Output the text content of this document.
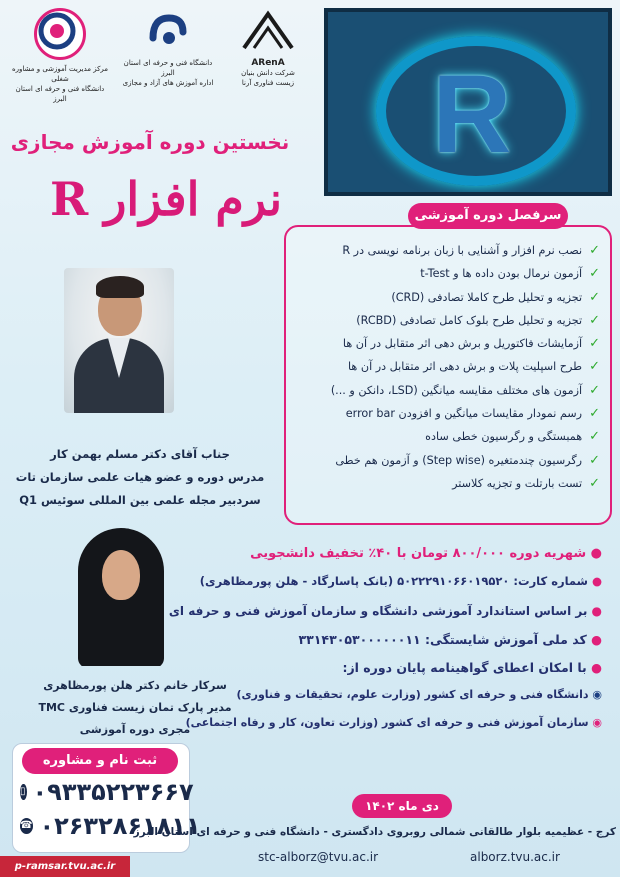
مرکز مدیریت آموزشی و مشاوره شغلی
دانشگاه فنی و حرفه ای استان البرز
دانشگاه فنی و حرفه ای استان البرز
اداره آموزش های آزاد و مجازی
ARenA
شرکت دانش بنیان
زیست فناوری آرنا R
نخستین دوره آموزش مجازی
نرم افزار R
✓
نصب نرم افزار و آشنایی با زبان برنامه نویسی در R
✓
آزمون نرمال بودن داده ها و t-Test
✓
تجزیه و تحلیل طرح کاملا تصادفی (CRD)
✓
تجزیه و تحلیل طرح بلوک کامل تصادفی (RCBD)
✓
آزمایشات فاکتوریل و برش دهی اثر متقابل در آن ها
✓
طرح اسپلیت پلات و برش دهی اثر متقابل در آن ها
✓
آزمون های مختلف مقایسه میانگین (LSD، دانکن و ...)
✓
رسم نمودار مقایسات میانگین و افزودن error bar
✓
همبستگی و رگرسیون خطی ساده
✓
رگرسیون چندمتغیره (Step wise) و آزمون هم خطی
✓
تست بارتلت و تجزیه کلاستر
سرفصل دوره آموزشی
جناب آقای دکتر مسلم بهمن کار
مدرس دوره و عضو هیات علمی سازمان تات
سردبیر مجله علمی بین المللی سوئیس Q1
سرکار خانم دکتر هلن پورمظاهری
مدیر پارک تمان زیست فناوری TMC
مجری دوره آموزشی
● شهریه دوره ۸۰۰/۰۰۰ تومان با ۴۰٪ تخفیف دانشجویی
● شماره کارت: ۵۰۲۲۲۹۱۰۶۶۰۱۹۵۲۰ (بانک پاسارگاد - هلن پورمظاهری)
● بر اساس استاندارد آموزشی دانشگاه و سازمان آموزش فنی و حرفه ای
● کد ملی آموزش شایستگی: ۳۳۱۴۳۰۵۳۰۰۰۰۰۰۱۱
● با امکان اعطای گواهینامه پایان دوره از:
◉ دانشگاه فنی و حرفه ای کشور (وزارت علوم، تحقیقات و فناوری)
◉ سازمان آموزش فنی و حرفه ای کشور (وزارت تعاون، کار و رفاه اجتماعی)
ثبت نام و مشاوره
▯ ۰۹۳۳۵۲۲۳۶۶۷
☎ ۰۲۶۳۲۸۶۱۸۱۱
دی ماه ۱۴۰۲
کرج - عظیمیه بلوار طالقانی شمالی روبروی دادگستری - دانشگاه فنی و حرفه ای استان البرز
stc-alborz@tvu.ac.ir	alborz.tvu.ac.ir
p-ramsar.tvu.ac.ir
